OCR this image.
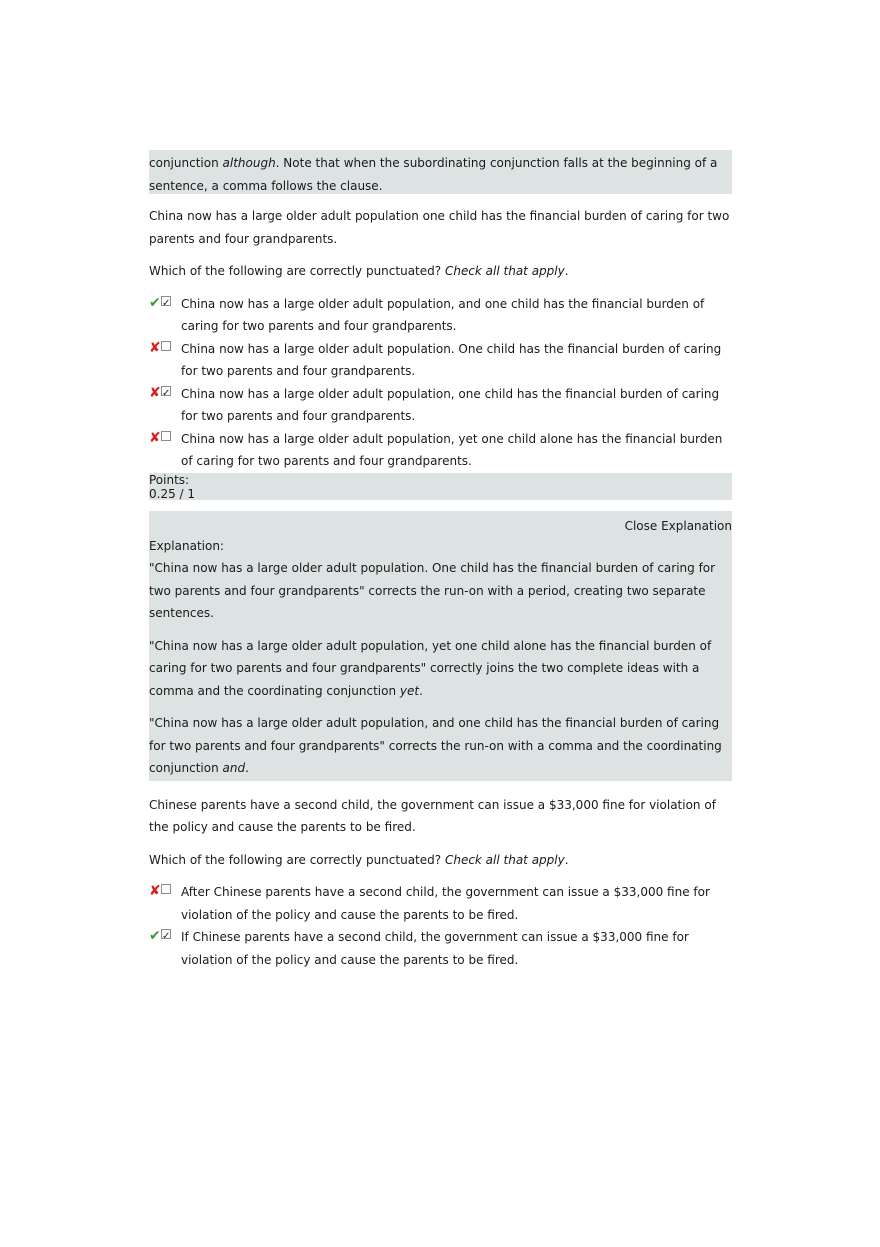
conjunction although. Note that when the subordinating conjunction falls at the beginning of a sentence, a comma follows the clause.

China now has a large older adult population one child has the financial burden of caring for two parents and four grandparents.

Which of the following are correctly punctuated? Check all that apply.

✔ ✓ China now has a large older adult population, and one child has the financial burden of caring for two parents and four grandparents.
✘	China now has a large older adult population. One child has the financial burden of caring for two parents and four grandparents.
✘ ✓ China now has a large older adult population, one child has the financial burden of caring for two parents and four grandparents.
✘	China now has a large older adult population, yet one child alone has the financial burden of caring for two parents and four grandparents.
Points:
0.25 / 1
Close Explanation
Explanation:

"China now has a large older adult population. One child has the financial burden of caring for two parents and four grandparents" corrects the run-on with a period, creating two separate sentences.

"China now has a large older adult population, yet one child alone has the financial burden of caring for two parents and four grandparents" correctly joins the two complete ideas with a comma and the coordinating conjunction yet.

"China now has a large older adult population, and one child has the financial burden of caring for two parents and four grandparents" corrects the run-on with a comma and the coordinating conjunction and.

Chinese parents have a second child, the government can issue a $33,000 fine for violation of the policy and cause the parents to be fired.

Which of the following are correctly punctuated? Check all that apply.

✘	After Chinese parents have a second child, the government can issue a $33,000 fine for violation of the policy and cause the parents to be fired.
✔ ✓ If Chinese parents have a second child, the government can issue a $33,000 fine for violation of the policy and cause the parents to be fired.
